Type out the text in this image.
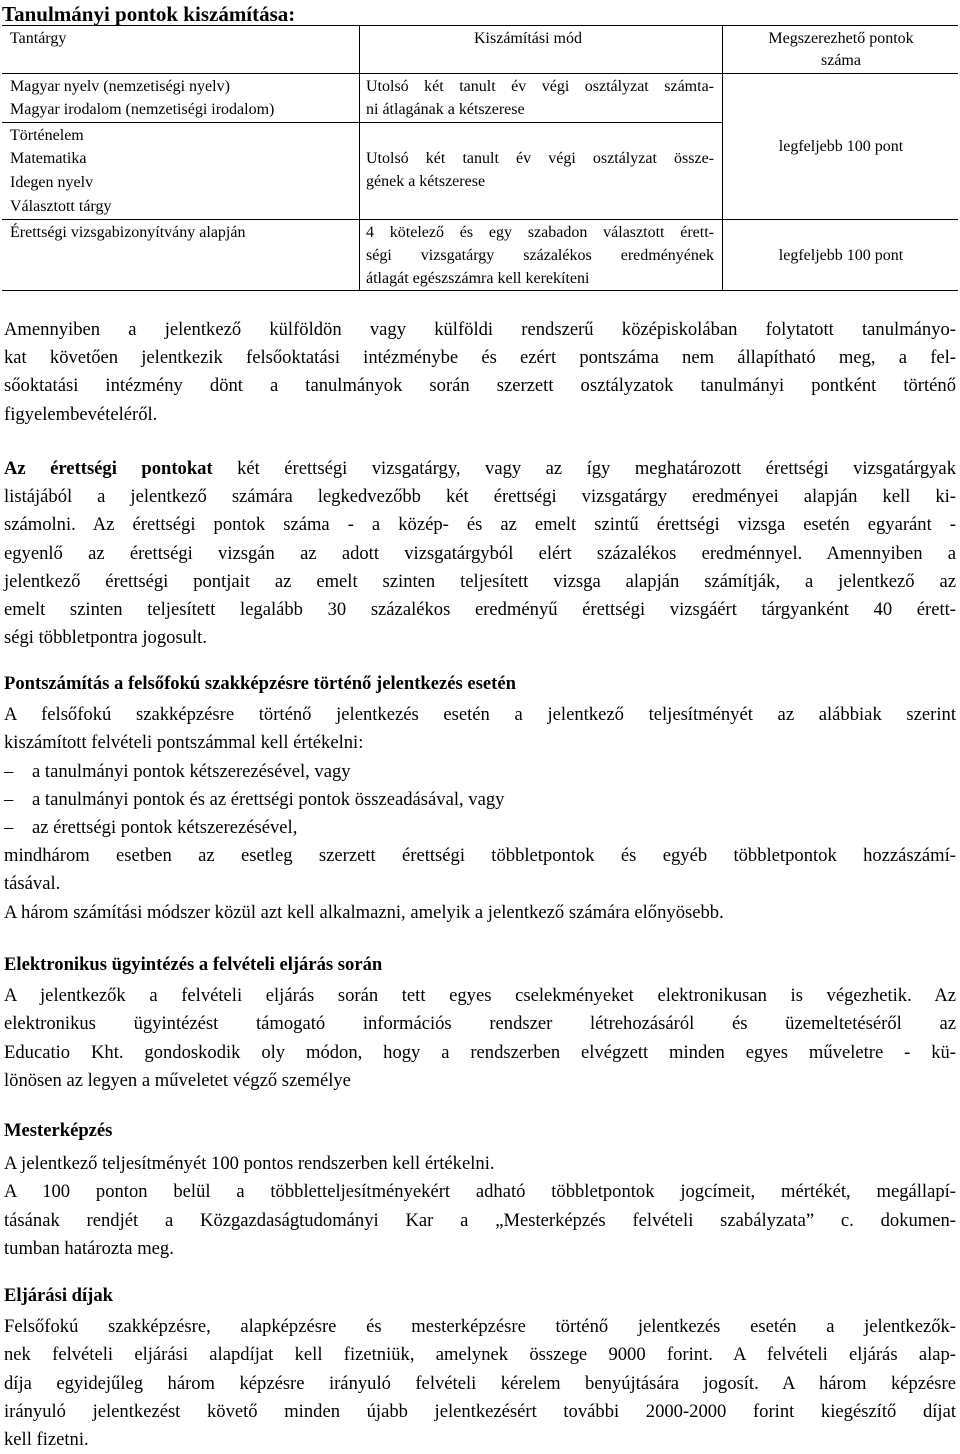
Tanulmányi pontok kiszámítása:
Tantárgy	Kiszámítási mód	Megszerezhető pontok
száma
Magyar nyelv (nemzetiségi nyelv)
Magyar irodalom (nemzetiségi irodalom)
Történelem
Matematika
Idegen nyelv
Választott tárgy
Érettségi vizsgabizonyítvány alapján
Utolsó két tanult év végi osztályzat számta-
ni átlagának a kétszerese
Utolsó két tanult év végi osztályzat össze-
gének a kétszerese
4 kötelező és egy szabadon választott érett-
ségi vizsgatárgy százalékos eredményének
átlagát egészszámra kell kerekíteni
legfeljebb 100 pont
legfeljebb 100 pont
Amennyiben a jelentkező külföldön vagy külföldi rendszerű középiskolában folytatott tanulmányo-
kat követően jelentkezik felsőoktatási intézménybe és ezért pontszáma nem állapítható meg, a fel-
sőoktatási intézmény dönt a tanulmányok során szerzett osztályzatok tanulmányi pontként történő
figyelembevételéről.
Az érettségi pontokat két érettségi vizsgatárgy, vagy az így meghatározott érettségi vizsgatárgyak
listájából a jelentkező számára legkedvezőbb két érettségi vizsgatárgy eredményei alapján kell ki-
számolni. Az érettségi pontok száma - a közép- és az emelt szintű érettségi vizsga esetén egyaránt -
egyenlő az érettségi vizsgán az adott vizsgatárgyból elért százalékos eredménnyel. Amennyiben a
jelentkező érettségi pontjait az emelt szinten teljesített vizsga alapján számítják, a jelentkező az
emelt szinten teljesített legalább 30 százalékos eredményű érettségi vizsgáért tárgyanként 40 érett-
ségi többletpontra jogosult.
Pontszámítás a felsőfokú szakképzésre történő jelentkezés esetén
A felsőfokú szakképzésre történő jelentkezés esetén a jelentkező teljesítményét az alábbiak szerint
kiszámított felvételi pontszámmal kell értékelni:
– a tanulmányi pontok kétszerezésével, vagy
– a tanulmányi pontok és az érettségi pontok összeadásával, vagy
– az érettségi pontok kétszerezésével,
mindhárom esetben az esetleg szerzett érettségi többletpontok és egyéb többletpontok hozzászámí-
tásával.
A három számítási módszer közül azt kell alkalmazni, amelyik a jelentkező számára előnyösebb.
Elektronikus ügyintézés a felvételi eljárás során
A jelentkezők a felvételi eljárás során tett egyes cselekményeket elektronikusan is végezhetik. Az
elektronikus ügyintézést támogató információs rendszer létrehozásáról és üzemeltetéséről az
Educatio Kht. gondoskodik oly módon, hogy a rendszerben elvégzett minden egyes műveletre - kü-
lönösen az legyen a műveletet végző személye
Mesterképzés
A jelentkező teljesítményét 100 pontos rendszerben kell értékelni.
A 100 ponton belül a többletteljesítményekért adható többletpontok jogcímeit, mértékét, megállapí-
tásának rendjét a Közgazdaságtudományi Kar a „Mesterképzés felvételi szabályzata” c. dokumen-
tumban határozta meg.
Eljárási díjak
Felsőfokú szakképzésre, alapképzésre és mesterképzésre történő jelentkezés esetén a jelentkezők-
nek felvételi eljárási alapdíjat kell fizetniük, amelynek összege 9000 forint. A felvételi eljárás alap-
díja egyidejűleg három képzésre irányuló felvételi kérelem benyújtására jogosít. A három képzésre
irányuló jelentkezést követő minden újabb jelentkezésért további 2000-2000 forint kiegészítő díjat
kell fizetni.
